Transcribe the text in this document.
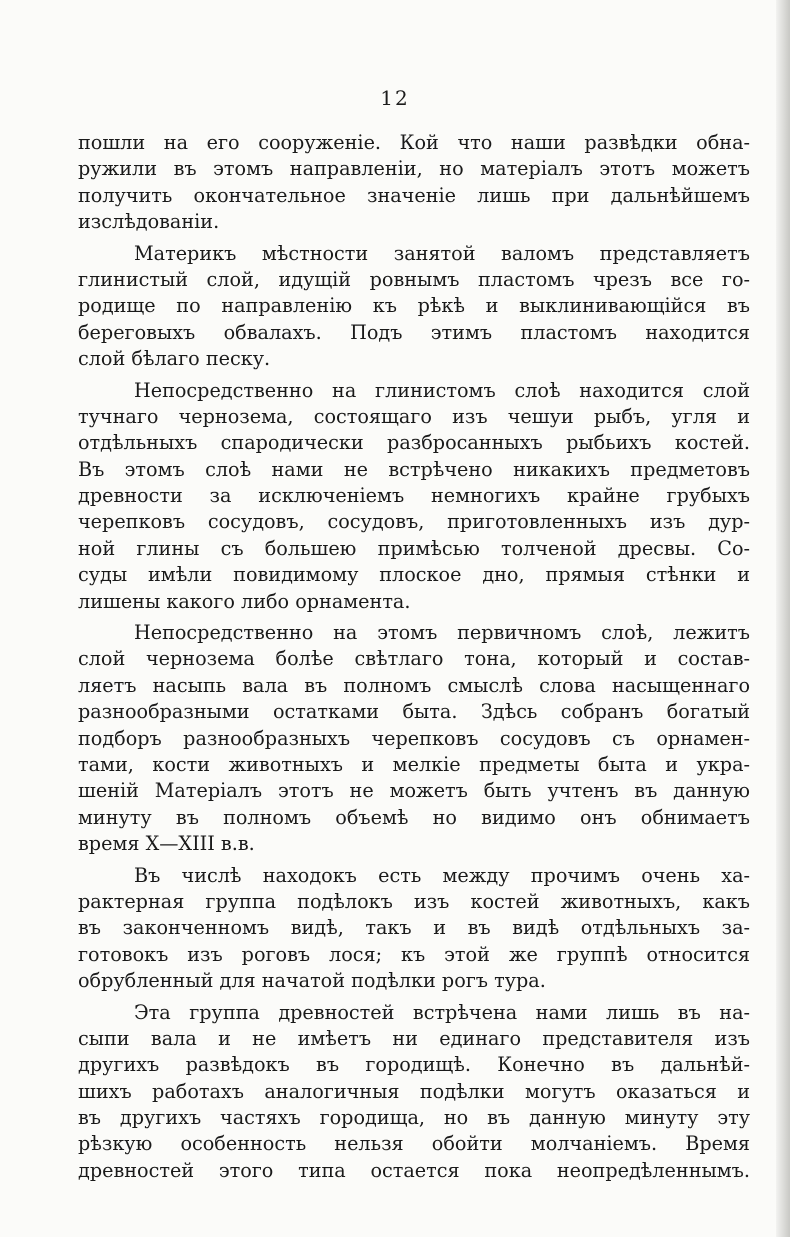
12
пошли на его сооруженіе. Кой что наши развѣдки обна-
ружили въ этомъ направленіи, но матеріалъ этотъ можетъ
получить окончательное значеніе лишь при дальнѣйшемъ
изслѣдованіи.
Материкъ мѣстности занятой валомъ представляетъ
глинистый слой, идущій ровнымъ пластомъ чрезъ все го-
родище по направленію къ рѣкѣ и выклинивающійся въ
береговыхъ обвалахъ. Подъ этимъ пластомъ находится
слой бѣлаго песку.
Непосредственно на глинистомъ слоѣ находится слой
тучнаго чернозема, состоящаго изъ чешуи рыбъ, угля и
отдѣльныхъ спародически разбросанныхъ рыбьихъ костей.
Въ этомъ слоѣ нами не встрѣчено никакихъ предметовъ
древности за исключеніемъ немногихъ крайне грубыхъ
черепковъ сосудовъ, сосудовъ, приготовленныхъ изъ дур-
ной глины съ большею примѣсью толченой дресвы. Со-
суды имѣли повидимому плоское дно, прямыя стѣнки и
лишены какого либо орнамента.
Непосредственно на этомъ первичномъ слоѣ, лежитъ
слой чернозема болѣе свѣтлаго тона, который и состав-
ляетъ насыпь вала въ полномъ смыслѣ слова насыщеннаго
разнообразными остатками быта. Здѣсь собранъ богатый
подборъ разнообразныхъ черепковъ сосудовъ съ орнамен-
тами, кости животныхъ и мелкіе предметы быта и укра-
шеній Матеріалъ этотъ не можетъ быть учтенъ въ данную
минуту въ полномъ объемѣ но видимо онъ обнимаетъ
время X—XIII в.в.
Въ числѣ находокъ есть между прочимъ очень ха-
рактерная группа подѣлокъ изъ костей животныхъ, какъ
въ законченномъ видѣ, такъ и въ видѣ отдѣльныхъ за-
готовокъ изъ роговъ лося; къ этой же группѣ относится
обрубленный для начатой подѣлки рогъ тура.
Эта группа древностей встрѣчена нами лишь въ на-
сыпи вала и не имѣетъ ни единаго представителя изъ
другихъ развѣдокъ въ городищѣ. Конечно въ дальнѣй-
шихъ работахъ аналогичныя подѣлки могутъ оказаться и
въ другихъ частяхъ городища, но въ данную минуту эту
рѣзкую особенность нельзя обойти молчаніемъ. Время
древностей этого типа остается пока неопредѣленнымъ.
